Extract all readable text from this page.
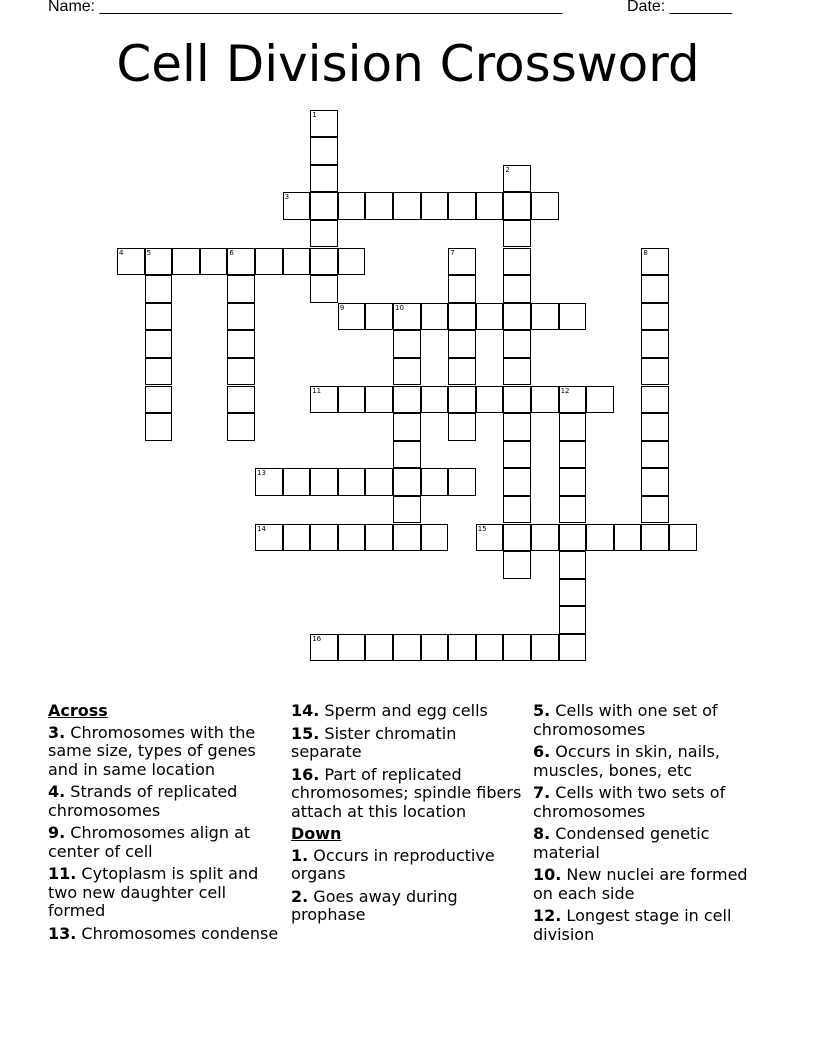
Name: ____________________________________________________	Date: _______
Cell Division Crossword
1
2
3
4	5	6	7	8
9	10
11	12
13
14	15
16
Across
3. Chromosomes with the same size, types of genes and in same location
4. Strands of replicated chromosomes
9. Chromosomes align at center of cell
11. Cytoplasm is split and two new daughter cell formed
13. Chromosomes condense
14. Sperm and egg cells
15. Sister chromatin separate
16. Part of replicated chromosomes; spindle fibers attach at this location
Down
1. Occurs in reproductive organs
2. Goes away during prophase
5. Cells with one set of chromosomes
6. Occurs in skin, nails, muscles, bones, etc
7. Cells with two sets of chromosomes
8. Condensed genetic material
10. New nuclei are formed on each side
12. Longest stage in cell division
